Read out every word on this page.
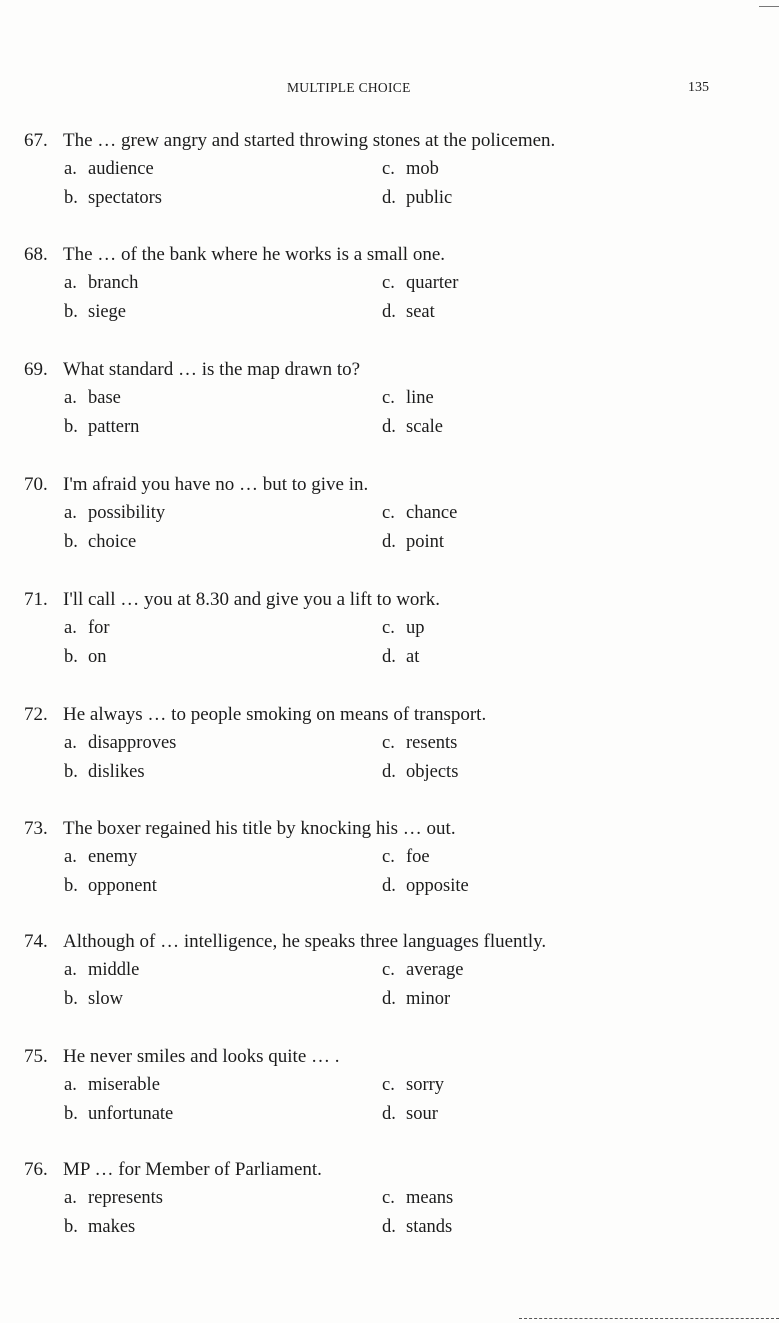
MULTIPLE CHOICE	135
67. The … grew angry and started throwing stones at the policemen.
a. audience
b. spectators
c. mob
d. public
68. The … of the bank where he works is a small one.
a. branch
b. siege
c. quarter
d. seat
69. What standard … is the map drawn to?
a. base
b. pattern
c. line
d. scale
70. I'm afraid you have no … but to give in.
a. possibility
b. choice
c. chance
d. point
71. I'll call … you at 8.30 and give you a lift to work.
a. for
b. on
c. up
d. at
72. He always … to people smoking on means of transport.
a. disapproves
b. dislikes
c. resents
d. objects
73. The boxer regained his title by knocking his … out.
a. enemy
b. opponent
c. foe
d. opposite
74. Although of … intelligence, he speaks three languages fluently.
a. middle
b. slow
c. average
d. minor
75. He never smiles and looks quite … .
a. miserable
b. unfortunate
c. sorry
d. sour
76. MP … for Member of Parliament.
a. represents
b. makes
c. means
d. stands
